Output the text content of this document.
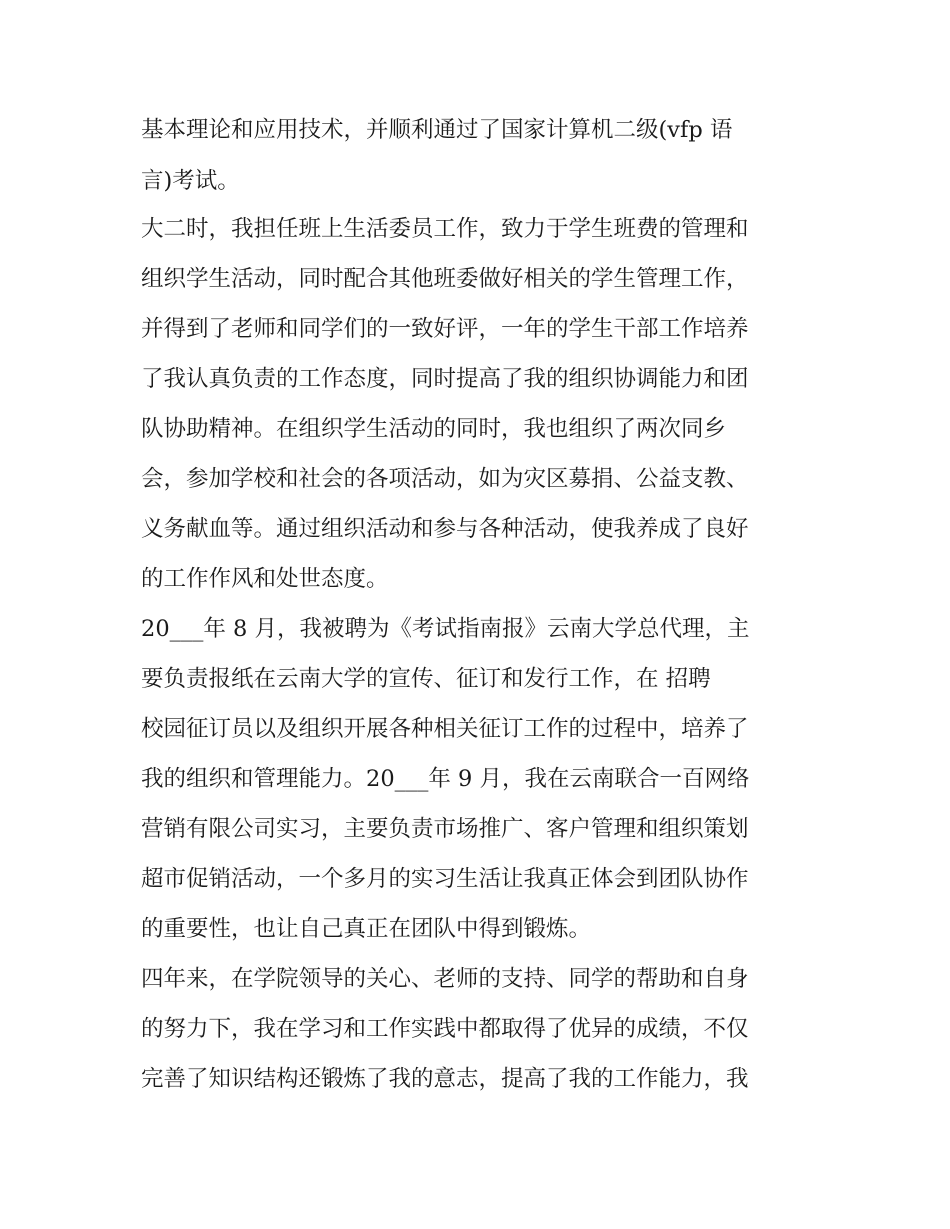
基本理论和应用技术，并顺利通过了国家计算机二级(vfp 语
言)考试。
大二时，我担任班上生活委员工作，致力于学生班费的管理和
组织学生活动，同时配合其他班委做好相关的学生管理工作，
并得到了老师和同学们的一致好评，一年的学生干部工作培养
了我认真负责的工作态度，同时提高了我的组织协调能力和团
队协助精神。在组织学生活动的同时，我也组织了两次同乡
会，参加学校和社会的各项活动，如为灾区募捐、公益支教、
义务献血等。通过组织活动和参与各种活动，使我养成了良好
的工作作风和处世态度。
20___年 8 月，我被聘为《考试指南报》云南大学总代理，主
要负责报纸在云南大学的宣传、征订和发行工作，在 招聘
校园征订员以及组织开展各种相关征订工作的过程中，培养了
我的组织和管理能力。20___年 9 月，我在云南联合一百网络
营销有限公司实习，主要负责市场推广、客户管理和组织策划
超市促销活动，一个多月的实习生活让我真正体会到团队协作
的重要性，也让自己真正在团队中得到锻炼。
四年来，在学院领导的关心、老师的支持、同学的帮助和自身
的努力下，我在学习和工作实践中都取得了优异的成绩，不仅
完善了知识结构还锻炼了我的意志，提高了我的工作能力，我
